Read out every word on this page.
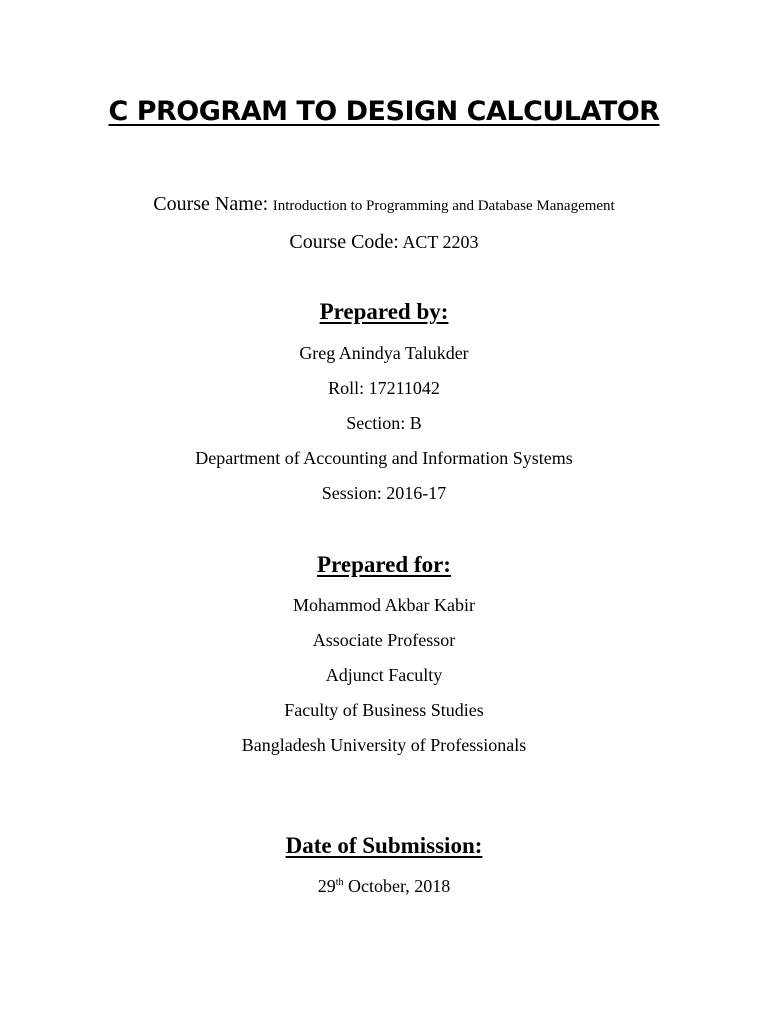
C PROGRAM TO DESIGN CALCULATOR

Course Name: Introduction to Programming and Database Management

Course Code: ACT 2203

Prepared by:

Greg Anindya Talukder

Roll: 17211042

Section: B

Department of Accounting and Information Systems

Session: 2016-17

Prepared for:

Mohammod Akbar Kabir

Associate Professor

Adjunct Faculty

Faculty of Business Studies

Bangladesh University of Professionals

Date of Submission:

29th October, 2018
